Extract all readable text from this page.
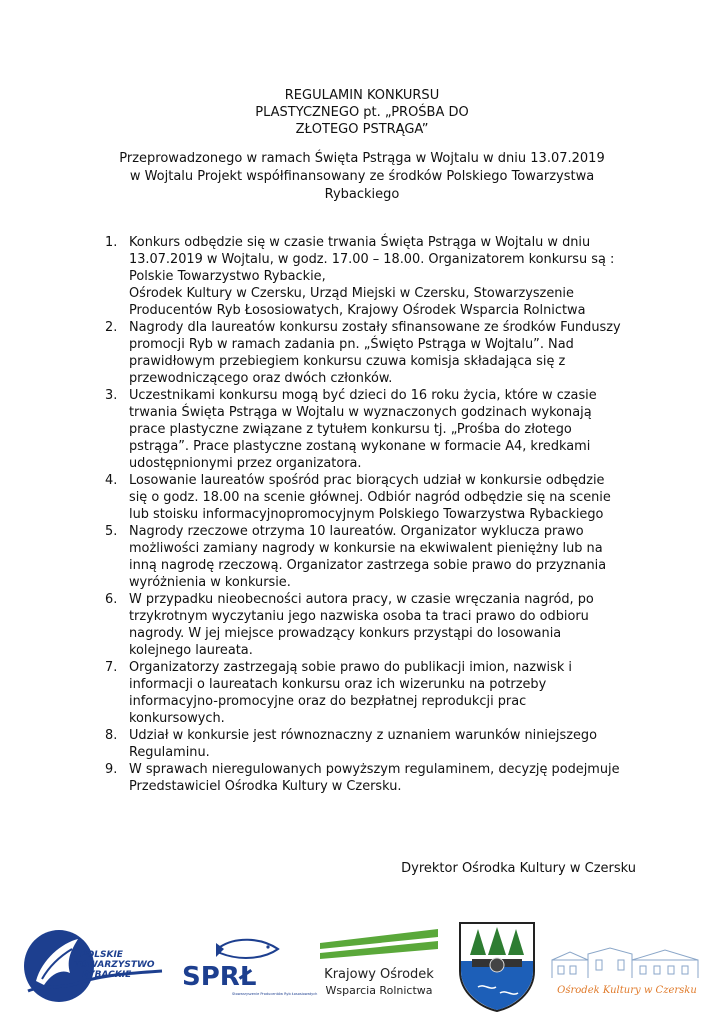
REGULAMIN KONKURSU
PLASTYCZNEGO pt. „PROŚBA DO
ZŁOTEGO PSTRĄGA”
Przeprowadzonego w ramach Święta Pstrąga w Wojtalu w dniu 13.07.2019
w Wojtalu Projekt współfinansowany ze środków Polskiego Towarzystwa
Rybackiego
1. Konkurs odbędzie się w czasie trwania Święta Pstrąga w Wojtalu w dniu
13.07.2019 w Wojtalu, w godz. 17.00 – 18.00. Organizatorem konkursu są :
Polskie Towarzystwo Rybackie,
Ośrodek Kultury w Czersku, Urząd Miejski w Czersku, Stowarzyszenie
Producentów Ryb Łososiowatych, Krajowy Ośrodek Wsparcia Rolnictwa
2. Nagrody dla laureatów konkursu zostały sfinansowane ze środków Funduszy
promocji Ryb w ramach zadania pn. „Święto Pstrąga w Wojtalu”. Nad
prawidłowym przebiegiem konkursu czuwa komisja składająca się z
przewodniczącego oraz dwóch członków.
3. Uczestnikami konkursu mogą być dzieci do 16 roku życia, które w czasie
trwania Święta Pstrąga w Wojtalu w wyznaczonych godzinach wykonają
prace plastyczne związane z tytułem konkursu tj. „Prośba do złotego
pstrąga”. Prace plastyczne zostaną wykonane w formacie A4, kredkami
udostępnionymi przez organizatora.
4. Losowanie laureatów spośród prac biorących udział w konkursie odbędzie
się o godz. 18.00 na scenie głównej. Odbiór nagród odbędzie się na scenie
lub stoisku informacyjnopromocyjnym Polskiego Towarzystwa Rybackiego
5. Nagrody rzeczowe otrzyma 10 laureatów. Organizator wyklucza prawo
możliwości zamiany nagrody w konkursie na ekwiwalent pieniężny lub na
inną nagrodę rzeczową. Organizator zastrzega sobie prawo do przyznania
wyróżnienia w konkursie.
6. W przypadku nieobecności autora pracy, w czasie wręczania nagród, po
trzykrotnym wyczytaniu jego nazwiska osoba ta traci prawo do odbioru
nagrody. W jej miejsce prowadzący konkurs przystąpi do losowania
kolejnego laureata.
7. Organizatorzy zastrzegają sobie prawo do publikacji imion, nazwisk i
informacji o laureatach konkursu oraz ich wizerunku na potrzeby
informacyjno-promocyjne oraz do bezpłatnej reprodukcji prac
konkursowych.
8. Udział w konkursie jest równoznaczny z uznaniem warunków niniejszego
Regulaminu.
9. W sprawach nieregulowanych powyższym regulaminem, decyzję podejmuje
Przedstawiciel Ośrodka Kultury w Czersku.
Dyrektor Ośrodka Kultury w Czersku
POLSKIE
TOWARZYSTWO
RYBACKIE SPRŁ
Stowarzyszenie Producentów Ryb Łososiowatych
Krajowy Ośrodek
Wsparcia Rolnictwa	Ośrodek Kultury w Czersku
